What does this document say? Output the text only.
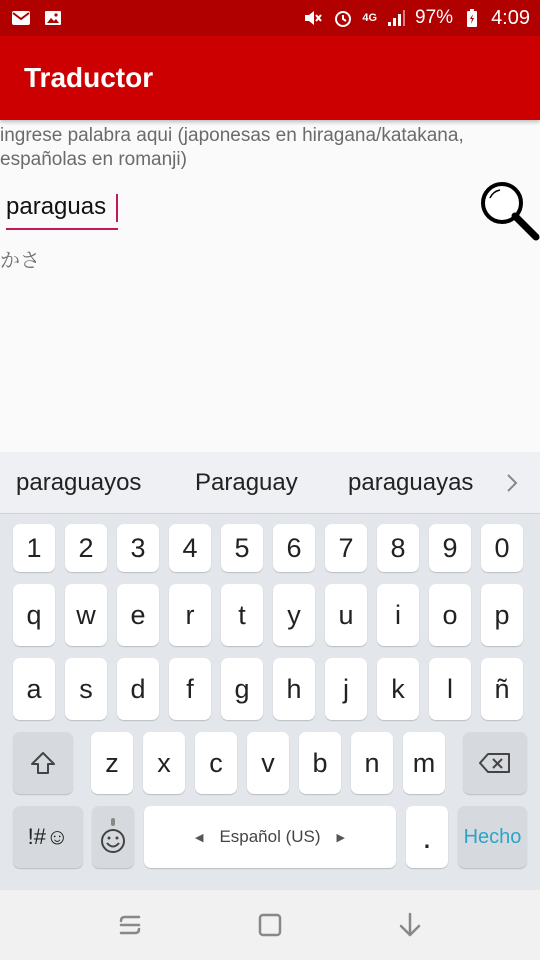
4G 97% 4:09
Traductor
ingrese palabra aqui (japonesas en hiragana/katakana, españolas en romanji)
paraguas
かさ
paraguayos Paraguay paraguayas
1	2	3	4	5	6	7	8	9	0
q	w	e	r	t	y	u	i	o	p
a	s	d	f	g	h	j	k	l	ñ
z	x	c	v	b	n	m
!#☺	◀ Español (US) ▶	.	Hecho
